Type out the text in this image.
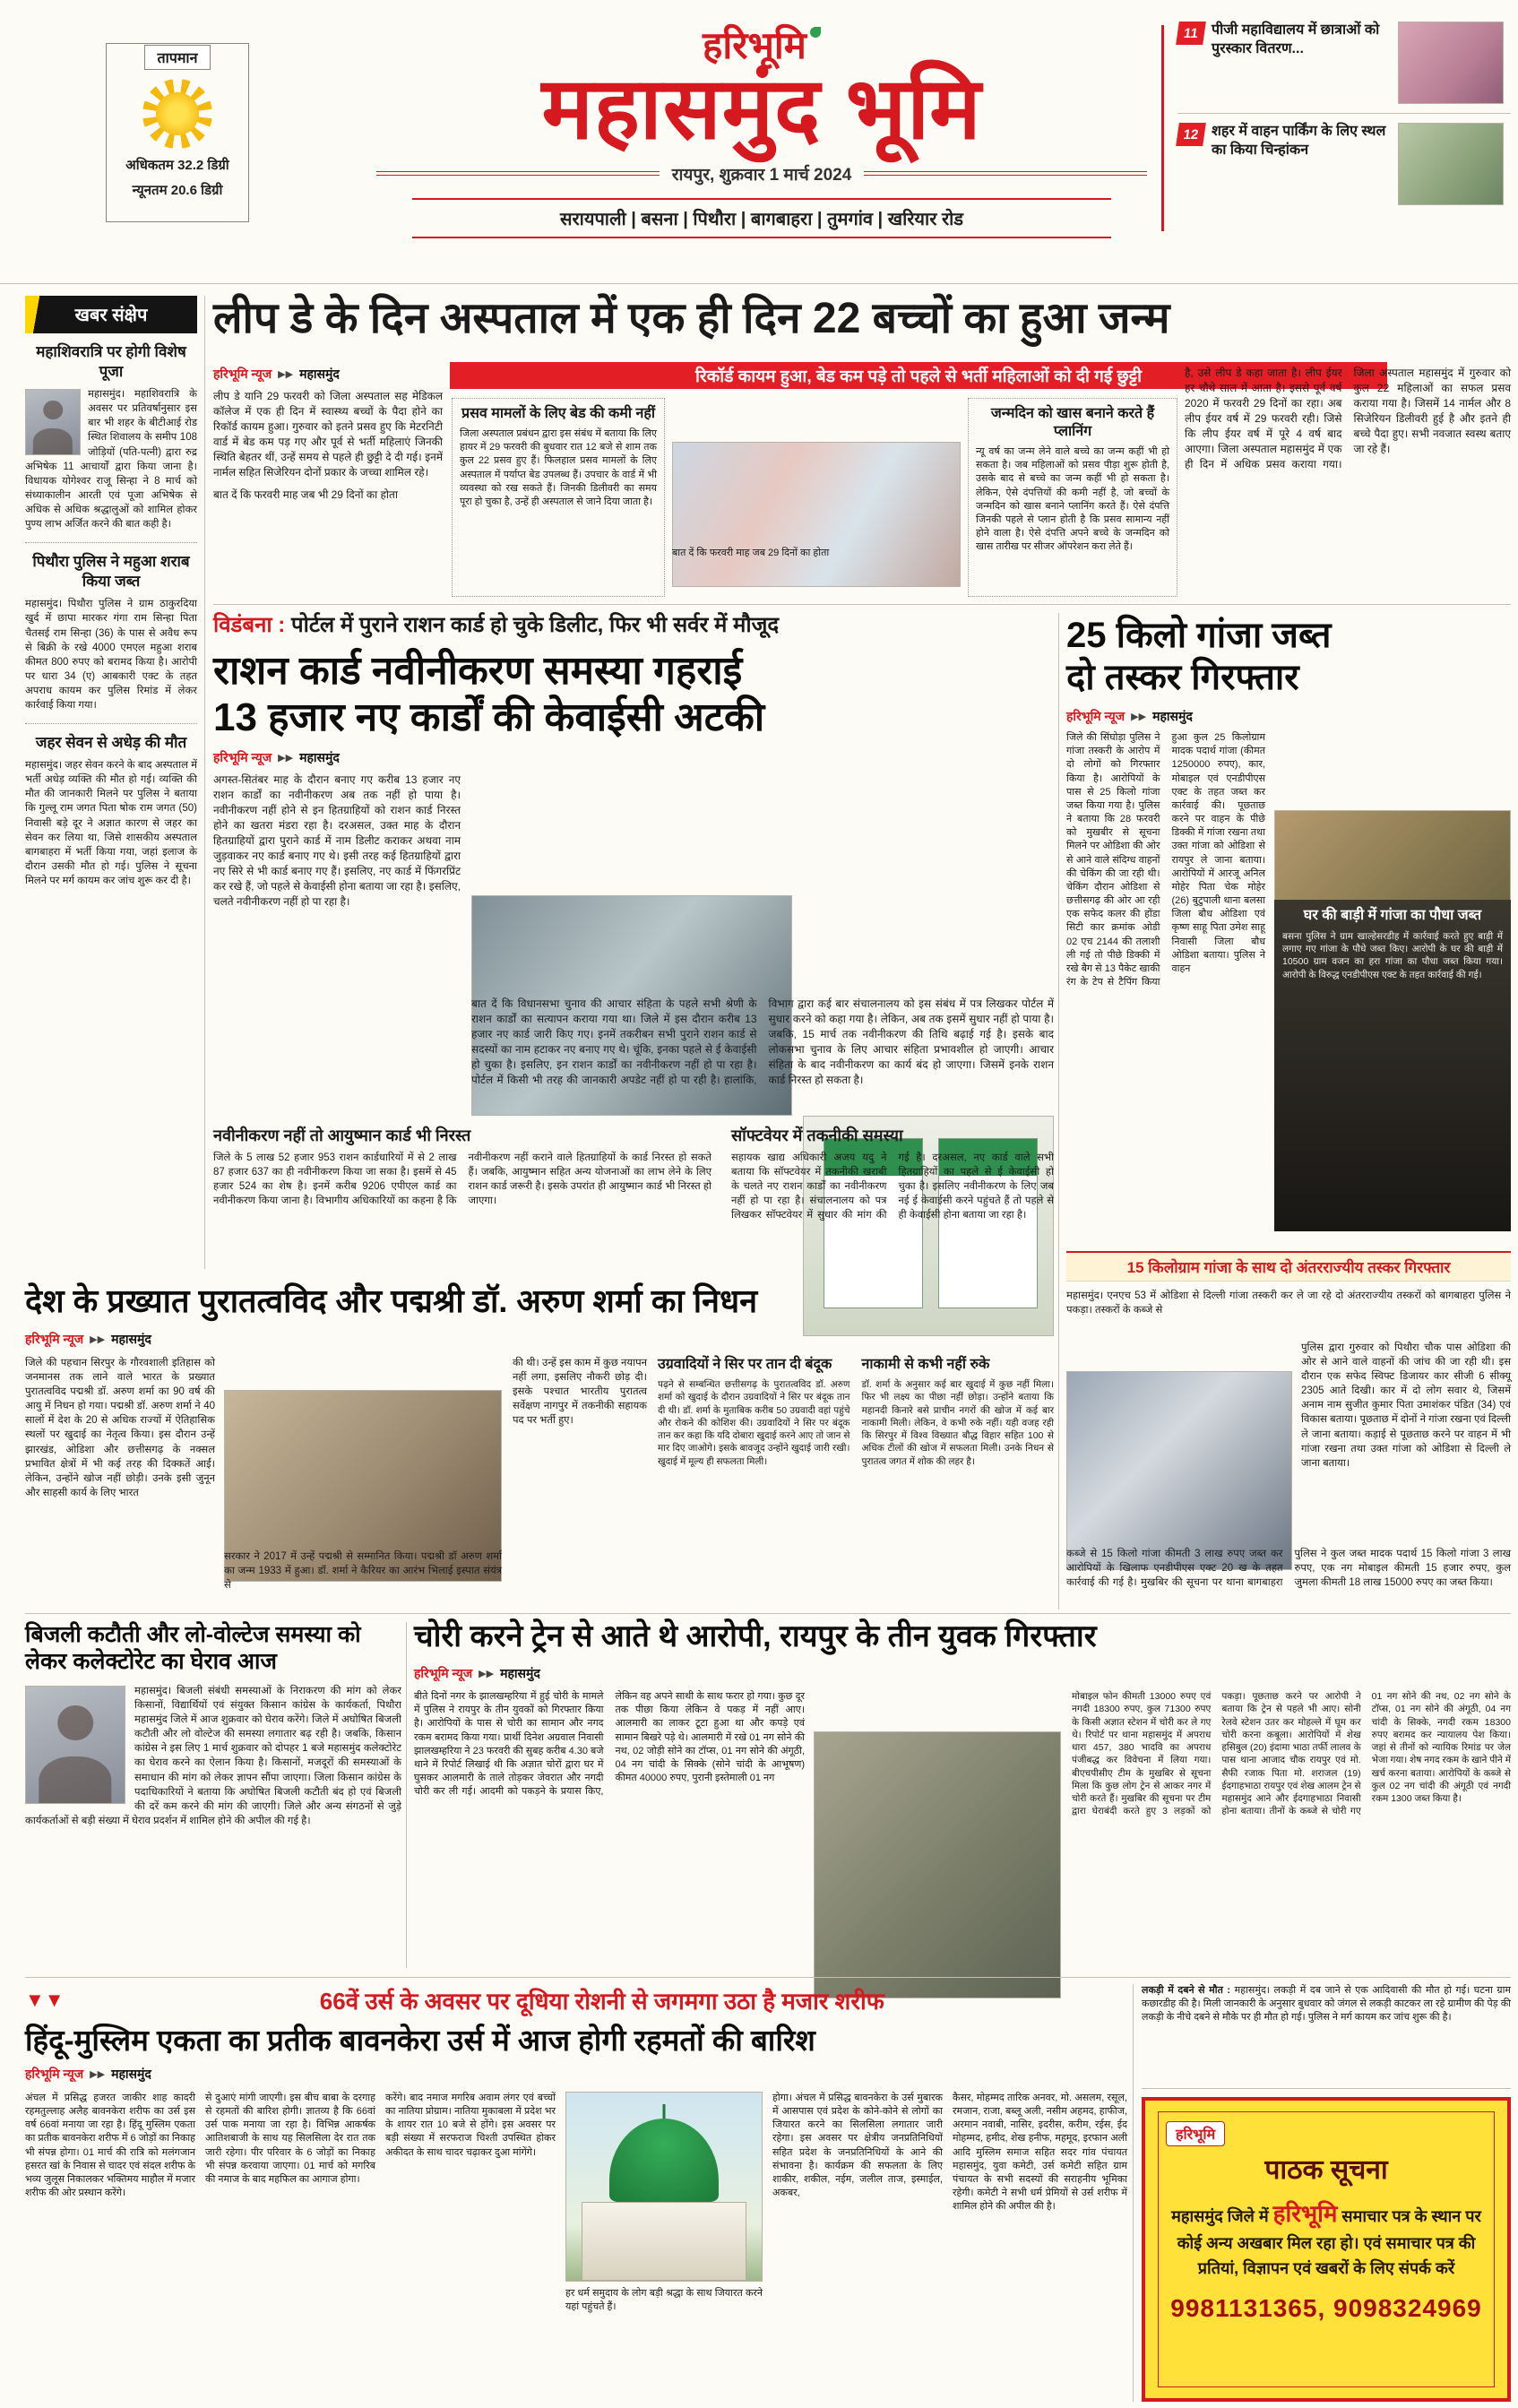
तापमान
अधिकतम 32.2 डिग्री
न्यूनतम 20.6 डिग्री
हरिभूमि
महासमुंद भूमि
रायपुर, शुक्रवार 1 मार्च 2024
सरायपाली | बसना | पिथौरा | बागबाहरा | तुमगांव | खरियार रोड
11 पीजी महाविद्यालय में छात्राओं को पुरस्कार वितरण...
12 शहर में वाहन पार्किंग के लिए स्थल का किया चिन्हांकन
खबर संक्षेप
महाशिवरात्रि पर होगी विशेष पूजा

महासमुंद। महाशिवरात्रि के अवसर पर प्रतिवर्षानुसार इस बार भी शहर के बीटीआई रोड स्थित शिवालय के समीप 108 जोड़ियों (पति-पत्नी) द्वारा रुद्र अभिषेक 11 आचार्यों द्वारा किया जाना है। विधायक योगेश्वर राजू सिन्हा ने 8 मार्च को संध्याकालीन आरती एवं पूजा अभिषेक से अधिक से अधिक श्रद्धालुओं को शामिल होकर पुण्य लाभ अर्जित करने की बात कही है।

पिथौरा पुलिस ने महुआ शराब किया जब्त

महासमुंद। पिथौरा पुलिस ने ग्राम ठाकुरदिया खुर्द में छापा मारकर गंगा राम सिन्हा पिता चैतसई राम सिन्हा (36) के पास से अवैध रूप से बिक्री के रखे 4000 एमएल महुआ शराब कीमत 800 रुपए को बरामद किया है। आरोपी पर धारा 34 (ए) आबकारी एक्ट के तहत अपराध कायम कर पुलिस रिमांड में लेकर कार्रवाई किया गया।

जहर सेवन से अधेड़ की मौत

महासमुंद। जहर सेवन करने के बाद अस्पताल में भर्ती अधेड़ व्यक्ति की मौत हो गई। व्यक्ति की मौत की जानकारी मिलने पर पुलिस ने बताया कि गुल्लू राम जगत पिता षोक राम जगत (50) निवासी बड़े दूर ने अज्ञात कारण से जहर का सेवन कर लिया था, जिसे शासकीय अस्पताल बागबाहरा में भर्ती किया गया, जहां इलाज के दौरान उसकी मौत हो गई। पुलिस ने सूचना मिलने पर मर्ग कायम कर जांच शुरू कर दी है।

लीप डे के दिन अस्पताल में एक ही दिन 22 बच्चों का हुआ जन्म
हरिभूमि न्यूज ▶▶ महासमुंद

लीप डे यानि 29 फरवरी को जिला अस्पताल सह मेडिकल कॉलेज में एक ही दिन में स्वास्थ्य बच्चों के पैदा होने का रिकॉर्ड कायम हुआ। गुरुवार को इतने प्रसव हुए कि मेटरनिटी वार्ड में बेड कम पड़ गए और पूर्व से भर्ती महिलाएं जिनकी स्थिति बेहतर थीं, उन्हें समय से पहले ही छुट्टी दे दी गई। इनमें नार्मल सहित सिजेरियन दोनों प्रकार के जच्चा शामिल रहे।

बात दें कि फरवरी माह जब भी 29 दिनों का होता

रिकॉर्ड कायम हुआ, बेड कम पड़े तो पहले से भर्ती महिलाओं को दी गई छुट्टी
प्रसव मामलों के लिए बेड की कमी नहीं

जिला अस्पताल प्रबंधन द्वारा इस संबंध में बताया कि लिए हायर में 29 फरवरी की बुधवार रात 12 बजे से शाम तक कुल 22 प्रसव हुए हैं। फिलहाल प्रसव मामलों के लिए अस्पताल में पर्याप्त बेड उपलब्ध हैं। उपचार के वार्ड में भी व्यवस्था को रख सकते हैं। जिनकी डिलीवरी का समय पूरा हो चुका है, उन्हें ही अस्पताल से जाने दिया जाता है।

बात दें कि फरवरी माह जब 29 दिनों का होता
जन्मदिन को खास बनाने करते हैं प्लानिंग

न्यू वर्ष का जन्म लेने वाले बच्चे का जन्म कहीं भी हो सकता है। जब महिलाओं को प्रसव पीड़ा शुरू होती है, उसके बाद से बच्चे का जन्म कहीं भी हो सकता है। लेकिन, ऐसे दंपत्तियों की कमी नहीं है, जो बच्चों के जन्मदिन को खास बनाने प्लानिंग करते हैं। ऐसे दंपत्ति जिनकी पहले से प्लान होती है कि प्रसव सामान्य नहीं होने वाला है। ऐसे दंपत्ति अपने बच्चे के जन्मदिन को खास तारीख पर सीजर ऑपरेशन करा लेते हैं।

है, उसे लीप डे कहा जाता है। लीप ईयर हर चौथे साल में आता है। इससे पूर्व वर्ष 2020 में फरवरी 29 दिनों का रहा। अब लीप ईयर वर्ष में 29 फरवरी रही। जिसे कि लीप ईयर वर्ष में पूरे 4 वर्ष बाद आएगा। जिला अस्पताल महासमुंद में एक ही दिन में अधिक प्रसव कराया गया। जिला अस्पताल महासमुंद में गुरुवार को कुल 22 महिलाओं का सफल प्रसव कराया गया है। जिसमें 14 नार्मल और 8 सिजेरियन डिलीवरी हुई है और इतने ही बच्चे पैदा हुए। सभी नवजात स्वस्थ बताए जा रहे हैं।
विडंबना : पोर्टल में पुराने राशन कार्ड हो चुके डिलीट, फिर भी सर्वर में मौजूद
राशन कार्ड नवीनीकरण समस्या गहराई
13 हजार नए कार्डों की केवाईसी अटकी
हरिभूमि न्यूज ▶▶ महासमुंद
अगस्त-सितंबर माह के दौरान बनाए गए करीब 13 हजार नए राशन कार्डों का नवीनीकरण अब तक नहीं हो पाया है। नवीनीकरण नहीं होने से इन हितग्राहियों को राशन कार्ड निरस्त होने का खतरा मंडरा रहा है। दरअसल, उक्त माह के दौरान हितग्राहियों द्वारा पुराने कार्ड में नाम डिलीट कराकर अथवा नाम जुड़वाकर नए कार्ड बनाए गए थे। इसी तरह कई हितग्राहियों द्वारा नए सिरे से भी कार्ड बनाए गए हैं। इसलिए, नए कार्ड में फिंगरप्रिंट कर रखे हैं, जो पहले से केवाईसी होना बताया जा रहा है। इसलिए, चलते नवीनीकरण नहीं हो पा रहा है।
बात दें कि विधानसभा चुनाव की आचार संहिता के पहले सभी श्रेणी के राशन कार्डों का सत्यापन कराया गया था। जिले में इस दौरान करीब 13 हजार नए कार्ड जारी किए गए। इनमें तकरीबन सभी पुराने राशन कार्ड से सदस्यों का नाम हटाकर नए बनाए गए थे। चूंकि, इनका पहले से ई केवाईसी हो चुका है। इसलिए, इन राशन कार्डों का नवीनीकरण नहीं हो पा रहा है। पोर्टल में किसी भी तरह की जानकारी अपडेट नहीं हो पा रही है। हालांकि, विभाग द्वारा कई बार संचालनालय को इस संबंध में पत्र लिखकर पोर्टल में सुधार करने को कहा गया है। लेकिन, अब तक इसमें सुधार नहीं हो पाया है। जबकि, 15 मार्च तक नवीनीकरण की तिथि बढ़ाई गई है। इसके बाद लोकसभा चुनाव के लिए आचार संहिता प्रभावशील हो जाएगी। आचार संहिता के बाद नवीनीकरण का कार्य बंद हो जाएगा। जिसमें इनके राशन कार्ड निरस्त हो सकता है।
नवीनीकरण नहीं तो आयुष्मान कार्ड भी निरस्त
जिले के 5 लाख 52 हजार 953 राशन कार्डधारियों में से 2 लाख 87 हजार 637 का ही नवीनीकरण किया जा सका है। इसमें से 45 हजार 524 का शेष है। इनमें करीब 9206 एपीएल कार्ड का नवीनीकरण किया जाना है। विभागीय अधिकारियों का कहना है कि नवीनीकरण नहीं कराने वाले हितग्राहियों के कार्ड निरस्त हो सकते हैं। जबकि, आयुष्मान सहित अन्य योजनाओं का लाभ लेने के लिए राशन कार्ड जरूरी है। इसके उपरांत ही आयुष्मान कार्ड भी निरस्त हो जाएगा।
सॉफ्टवेयर में तकनीकी समस्या
सहायक खाद्य अधिकारी अजय यदु ने बताया कि सॉफ्टवेयर में तकनीकी खराबी के चलते नए राशन कार्डों का नवीनीकरण नहीं हो पा रहा है। संचालनालय को पत्र लिखकर सॉफ्टवेयर में सुधार की मांग की गई है। दरअसल, नए कार्ड वाले सभी हितग्राहियों का पहले से ई केवाईसी हो चुका है। इसलिए नवीनीकरण के लिए जब नई ई केवाईसी करने पहुंचते हैं तो पहले से ही केवाईसी होना बताया जा रहा है।
25 किलो गांजा जब्त
दो तस्कर गिरफ्तार
हरिभूमि न्यूज ▶▶ महासमुंद
जिले की सिंघोड़ा पुलिस ने गांजा तस्करी के आरोप में दो लोगों को गिरफ्तार किया है। आरोपियों के पास से 25 किलो गांजा जब्त किया गया है। पुलिस ने बताया कि 28 फरवरी को मुखबीर से सूचना मिलने पर ओडिशा की ओर से आने वाले संदिग्ध वाहनों की चेकिंग की जा रही थी। चेकिंग दौरान ओडिशा से छत्तीसगढ़ की ओर आ रही एक सफेद कलर की होंडा सिटी कार क्रमांक ओडी 02 एच 2144 की तलाशी ली गई तो पीछे डिक्की में रखे बैग से 13 पैकेट खाकी रंग के टेप से टैपिंग किया हुआ कुल 25 किलोग्राम मादक पदार्थ गांजा (कीमत 1250000 रुपए), कार, मोबाइल एवं एनडीपीएस एक्ट के तहत जब्त कर कार्रवाई की। पूछताछ करने पर वाहन के पीछे डिक्की में गांजा रखना तथा उक्त गांजा को ओडिशा से रायपुर ले जाना बताया। आरोपियों में आरजू अनिल मोहेर पिता चेक मोहेर (26) बुटुपाली थाना बलसा जिला बौध ओडिशा एवं कृष्ण साहू पिता उमेश साहू निवासी जिला बौध ओडिशा बताया। पुलिस ने वाहन
घर की बाड़ी में गांजा का पौधा जब्त

बसना पुलिस ने ग्राम खाल्हेसरडीह में कार्रवाई करते हुए बाड़ी में लगाए गए गांजा के पौधे जब्त किए। आरोपी के घर की बाड़ी में 10500 ग्राम वजन का हरा गांजा का पौधा जब्त किया गया। आरोपी के विरुद्ध एनडीपीएस एक्ट के तहत कार्रवाई की गई।

15 किलोग्राम गांजा के साथ दो अंतरराज्यीय तस्कर गिरफ्तार

महासमुंद। एनएच 53 में ओडिशा से दिल्ली गांजा तस्करी कर ले जा रहे दो अंतरराज्यीय तस्करों को बागबाहरा पुलिस ने पकड़ा। तस्करों के कब्जे से

पुलिस द्वारा गुरुवार को पिथौरा चौक पास ओडिशा की ओर से आने वाले वाहनों की जांच की जा रही थी। इस दौरान एक सफेद स्विफ्ट डिजायर कार सीजी 6 सीक्यू 2305 आते दिखी। कार में दो लोग सवार थे, जिसमें अनाम नाम सुजीत कुमार पिता उमाशंकर पंडित (34) एवं विकास बताया। पूछताछ में दोनों ने गांजा रखना एवं दिल्ली ले जाना बताया। कड़ाई से पूछताछ करने पर वाहन में भी गांजा रखना तथा उक्त गांजा को ओडिशा से दिल्ली ले जाना बताया।
कब्जे से 15 किलो गांजा कीमती 3 लाख रुपए जब्त कर आरोपियों के खिलाफ एनडीपीएस एक्ट 20 ख के तहत कार्रवाई की गई है। मुखबिर की सूचना पर थाना बागबाहरा पुलिस ने कुल जब्त मादक पदार्थ 15 किलो गांजा 3 लाख रुपए, एक नग मोबाइल कीमती 15 हजार रुपए, कुल जुमला कीमती 18 लाख 15000 रुपए का जब्त किया।
देश के प्रख्यात पुरातत्वविद और पद्मश्री डॉ. अरुण शर्मा का निधन
हरिभूमि न्यूज ▶▶ महासमुंद
जिले की पहचान सिरपुर के गौरवशाली इतिहास को जनमानस तक लाने वाले भारत के प्रख्यात पुरातत्वविद पद्मश्री डॉ. अरुण शर्मा का 90 वर्ष की आयु में निधन हो गया। पद्मश्री डॉ. अरुण शर्मा ने 40 सालों में देश के 20 से अधिक राज्यों में ऐतिहासिक स्थलों पर खुदाई का नेतृत्व किया। इस दौरान उन्हें झारखंड, ओडिशा और छत्तीसगढ़ के नक्सल प्रभावित क्षेत्रों में भी कई तरह की दिक्कतें आईं। लेकिन, उन्होंने खोज नहीं छोड़ी। उनके इसी जुनून और साहसी कार्य के लिए भारत
सरकार ने 2017 में उन्हें पद्मश्री से सम्मानित किया। पद्मश्री डॉ अरुण शर्मा का जन्म 1933 में हुआ। डॉ. शर्मा ने कैरियर का आरंभ भिलाई इस्पात संयंत्र से
की थी। उन्हें इस काम में कुछ नयापन नहीं लगा, इसलिए नौकरी छोड़ दी। इसके पश्चात भारतीय पुरातत्व सर्वेक्षण नागपुर में तकनीकी सहायक पद पर भर्ती हुए।
उग्रवादियों ने सिर पर तान दी बंदूक

पढ़ने से सम्बन्धित छत्तीसगढ़ के पुरातत्वविद डॉ. अरुण शर्मा को खुदाई के दौरान उग्रवादियों ने सिर पर बंदूक तान दी थी। डॉ. शर्मा के मुताबिक करीब 50 उग्रवादी वहां पहुंचे और रोकने की कोशिश की। उग्रवादियों ने सिर पर बंदूक तान कर कहा कि यदि दोबारा खुदाई करने आए तो जान से मार दिए जाओगे। इसके बावजूद उन्होंने खुदाई जारी रखी। खुदाई में मूल्य ही सफलता मिली।

नाकामी से कभी नहीं रुके

डॉ. शर्मा के अनुसार कई बार खुदाई में कुछ नहीं मिला। फिर भी लक्ष्य का पीछा नहीं छोड़ा। उन्होंने बताया कि महानदी किनारे बसे प्राचीन नगरों की खोज में कई बार नाकामी मिली। लेकिन, वे कभी रुके नहीं। यही वजह रही कि सिरपुर में विश्व विख्यात बौद्ध विहार सहित 100 से अधिक टीलों की खोज में सफलता मिली। उनके निधन से पुरातत्व जगत में शोक की लहर है।

बिजली कटौती और लो-वोल्टेज समस्या को लेकर कलेक्टोरेट का घेराव आज

महासमुंद। बिजली संबंधी समस्याओं के निराकरण की मांग को लेकर किसानों, विद्यार्थियों एवं संयुक्त किसान कांग्रेस के कार्यकर्ता, पिथौरा महासमुंद जिले में आज शुक्रवार को घेराव करेंगे। जिले में अघोषित बिजली कटौती और लो वोल्टेज की समस्या लगातार बढ़ रही है। जबकि, किसान कांग्रेस ने इस लिए 1 मार्च शुक्रवार को दोपहर 1 बजे महासमुंद कलेक्टोरेट का घेराव करने का ऐलान किया है। किसानों, मजदूरों की समस्याओं के समाधान की मांग को लेकर ज्ञापन सौंपा जाएगा। जिला किसान कांग्रेस के पदाधिकारियों ने बताया कि अघोषित बिजली कटौती बंद हो एवं बिजली की दरें कम करने की मांग की जाएगी। जिले और अन्य संगठनों से जुड़े कार्यकर्ताओं से बड़ी संख्या में घेराव प्रदर्शन में शामिल होने की अपील की गई है।

चोरी करने ट्रेन से आते थे आरोपी, रायपुर के तीन युवक गिरफ्तार
हरिभूमि न्यूज ▶▶ महासमुंद
बीते दिनों नगर के झालखम्हरिया में हुई चोरी के मामले में पुलिस ने रायपुर के तीन युवकों को गिरफ्तार किया है। आरोपियों के पास से चोरी का सामान और नगद रकम बरामद किया गया। प्रार्थी दिनेश अग्रवाल निवासी झालखम्हरिया ने 23 फरवरी की सुबह करीब 4.30 बजे थाने में रिपोर्ट लिखाई थी कि अज्ञात चोरों द्वारा घर में घुसकर आलमारी के ताले तोड़कर जेवरात और नगदी चोरी कर ली गई। आदमी को पकड़ने के प्रयास किए, लेकिन वह अपने साथी के साथ फरार हो गया। कुछ दूर तक पीछा किया लेकिन वे पकड़ में नहीं आए। आलमारी का लाकर टूटा हुआ था और कपड़े एवं सामान बिखरे पड़े थे। आलमारी में रखे 01 नग सोने की नथ, 02 जोड़ी सोने का टॉप्स, 01 नग सोने की अंगूठी, 04 नग चांदी के सिक्के (सोने चांदी के आभूषण) कीमत 40000 रुपए, पुरानी इस्तेमाली 01 नग
मोबाइल फोन कीमती 13000 रुपए एवं नगदी 18300 रुपए, कुल 71300 रुपए के किसी अज्ञात स्टेशन में चोरी कर ले गए थे। रिपोर्ट पर थाना महासमुंद में अपराध धारा 457, 380 भादवि का अपराध पंजीबद्ध कर विवेचना में लिया गया। बीएचपीसीए टीम के मुखबिर से सूचना मिला कि कुछ लोग ट्रेन से आकर नगर में चोरी करते हैं। मुखबिर की सूचना पर टीम द्वारा घेराबंदी करते हुए 3 लड़कों को पकड़ा। पूछताछ करने पर आरोपी ने बताया कि ट्रेन से पहले भी आए। सोनी रेलवे स्टेशन उतर कर मोहल्ले में घूम कर चोरी करना कबूला। आरोपियों में शेख हसिबुल (20) इंदामा भाठा तर्फी लालव के पास थाना आजाद चौक रायपुर एवं मो. सैफी रजाक पिता मो. शराजल (19) ईदगाहभाठा रायपुर एवं शेख आलम ट्रेन से महासमुंद आने और ईदगाहभाठा निवासी होना बताया। तीनों के कब्जे से चोरी गए 01 नग सोने की नथ, 02 नग सोने के टॉप्स, 01 नग सोने की अंगूठी, 04 नग चांदी के सिक्के, नगदी रकम 18300 रुपए बरामद कर न्यायालय पेश किया। जहां से तीनों को न्यायिक रिमांड पर जेल भेजा गया। शेष नगद रकम के खाने पीने में खर्च करना बताया। आरोपियों के कब्जे से कुल 02 नग चांदी की अंगूठी एवं नगदी रकम 1300 जब्त किया है।
▼▼	66वें उर्स के अवसर पर दूधिया रोशनी से जगमगा उठा है मजार शरीफ
हिंदू-मुस्लिम एकता का प्रतीक बावनकेरा उर्स में आज होगी रहमतों की बारिश
हरिभूमि न्यूज ▶▶ महासमुंद

अंचल में प्रसिद्ध हजरत जाकीर शाह कादरी रहमतुल्लाह अलैह बावनकेरा शरीफ का उर्स इस वर्ष 66वां मनाया जा रहा है। हिंदू मुस्लिम एकता का प्रतीक बावनकेरा शरीफ में 6 जोड़ों का निकाह भी संपन्न होगा। 01 मार्च की रात्रि को मलंगजान हसरत खां के निवास से चादर एवं संदल शरीफ के भव्य जुलूस निकालकर भक्तिमय माहौल में मजार शरीफ की ओर प्रस्थान करेंगे।

से दुआएं मांगी जाएगी। इस बीच बाबा के दरगाह से रहमतों की बारिश होगी। ज्ञातव्य है कि 66वां उर्स पाक मनाया जा रहा है। विभिन्न आकर्षक आतिशबाजी के साथ यह सिलसिला देर रात तक जारी रहेगा। पीर परिवार के 6 जोड़ों का निकाह भी संपन्न करवाया जाएगा। 01 मार्च को मगरिब की नमाज के बाद महफिल का आगाज होगा।

करेंगे। बाद नमाज मगरिब अवाम लंगर एवं बच्चों का नातिया प्रोग्राम। नातिया मुकाबला में प्रदेश भर के शायर रात 10 बजे से होंगे। इस अवसर पर बड़ी संख्या में सरफराज चिश्ती उपस्थित होकर अकीदत के साथ चादर चढ़ाकर दुआ मांगेंगे।

हर धर्म समुदाय के लोग बड़ी श्रद्धा के साथ जियारत करने यहां पहुंचते हैं।

होगा। अंचल में प्रसिद्ध बावनकेरा के उर्स मुबारक में आसपास एवं प्रदेश के कोने-कोने से लोगों का जियारत करने का सिलसिला लगातार जारी रहेगा। इस अवसर पर क्षेत्रीय जनप्रतिनिधियों सहित प्रदेश के जनप्रतिनिधियों के आने की संभावना है। कार्यक्रम की सफलता के लिए शाकीर, शकील, नईम, जलील ताज, इस्माईल, अकबर,

कैसर, मोहम्मद तारिक अनवर, मो. असलम, रसूल, रमजान, राजा, बब्लू अली, नसीम अहमद, हाफीज, अरमान नवाबी, नासिर, इदरीस, करीम, रईस, ईद मोहम्मद, हमीद, शेख हनीफ, महमूद, इरफान अली आदि मुस्लिम समाज सहित सदर गांव पंचायत महासमुंद, युवा कमेटी, उर्स कमेटी सहित ग्राम पंचायत के सभी सदस्यों की सराहनीय भूमिका रहेगी। कमेटी ने सभी धर्म प्रेमियों से उर्स शरीफ में शामिल होने की अपील की है।

लकड़ी में दबने से मौत : महासमुंद। लकड़ी में दब जाने से एक आदिवासी की मौत हो गई। घटना ग्राम कछारडीह की है। मिली जानकारी के अनुसार बुधवार को जंगल से लकड़ी काटकर ला रहे ग्रामीण की पेड़ की लकड़ी के नीचे दबने से मौके पर ही मौत हो गई। पुलिस ने मर्ग कायम कर जांच शुरू की है।

हरिभूमि
पाठक सूचना
महासमुंद जिले में हरिभूमि समाचार पत्र के स्थान पर कोई अन्य अखबार मिल रहा हो। एवं समाचार पत्र की प्रतियां, विज्ञापन एवं खबरों के लिए संपर्क करें
9981131365, 9098324969
